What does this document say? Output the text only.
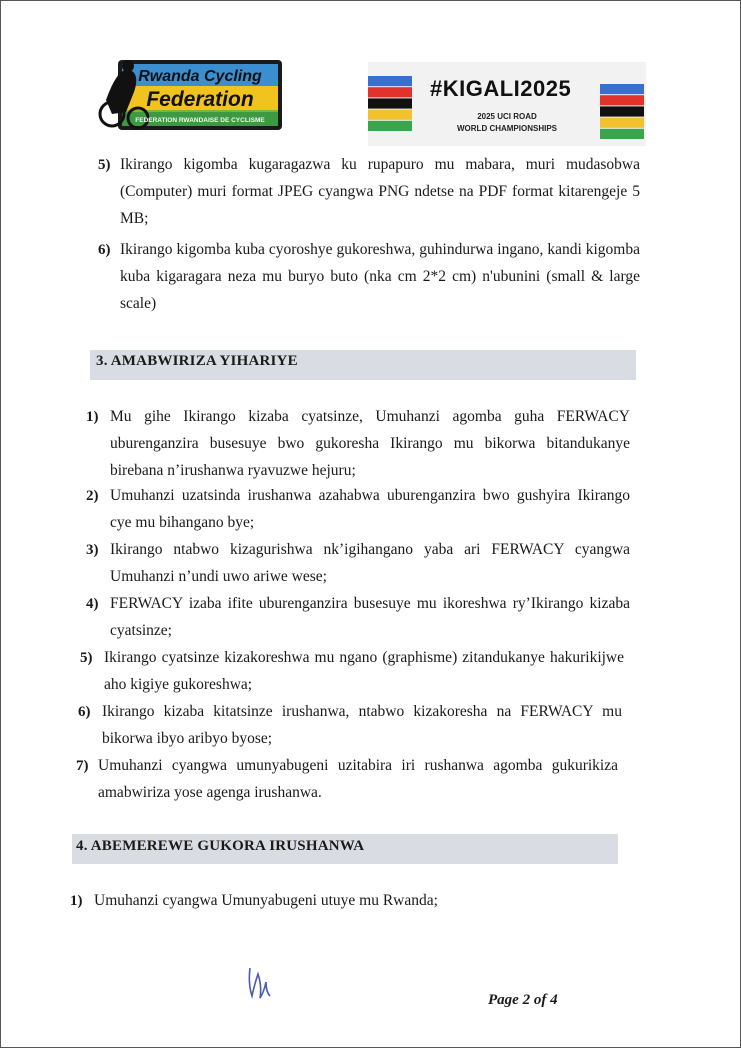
Rwanda Cycling
Federation
FEDERATION RWANDAISE DE CYCLISME
#KIGALI2025
2025 UCI ROAD
WORLD CHAMPIONSHIPS
5) Ikirango kigomba kugaragazwa ku rupapuro mu mabara, muri mudasobwa (Computer) muri format JPEG cyangwa PNG ndetse na PDF format kitarengeje 5 MB;
6) Ikirango kigomba kuba cyoroshye gukoreshwa, guhindurwa ingano, kandi kigomba kuba kigaragara neza mu buryo buto (nka cm 2*2 cm) n'ubunini (small & large scale)
3. AMABWIRIZA YIHARIYE
1) Mu gihe Ikirango kizaba cyatsinze, Umuhanzi agomba guha FERWACY uburenganzira busesuye bwo gukoresha Ikirango mu bikorwa bitandukanye birebana n’irushanwa ryavuzwe hejuru;
2) Umuhanzi uzatsinda irushanwa azahabwa uburenganzira bwo gushyira Ikirango cye mu bihangano bye;
3) Ikirango ntabwo kizagurishwa nk’igihangano yaba ari FERWACY cyangwa Umuhanzi n’undi uwo ariwe wese;
4) FERWACY izaba ifite uburenganzira busesuye mu ikoreshwa ry’Ikirango kizaba cyatsinze;
5) Ikirango cyatsinze kizakoreshwa mu ngano (graphisme) zitandukanye hakurikijwe aho kigiye gukoreshwa;
6) Ikirango kizaba kitatsinze irushanwa, ntabwo kizakoresha na FERWACY mu bikorwa ibyo aribyo byose;
7) Umuhanzi cyangwa umunyabugeni uzitabira iri rushanwa agomba gukurikiza amabwiriza yose agenga irushanwa.
4. ABEMEREWE GUKORA IRUSHANWA
1) Umuhanzi cyangwa Umunyabugeni utuye mu Rwanda;
Page 2 of 4
